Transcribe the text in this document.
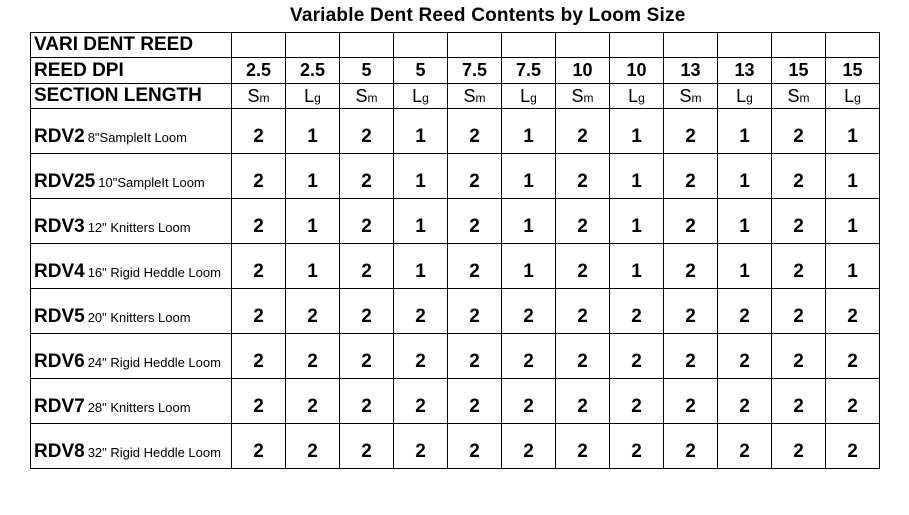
Variable Dent Reed Contents by Loom Size
VARI DENT REED												
REED DPI	2.5	2.5	5	5	7.5	7.5	10	10	13	13	15	15
SECTION LENGTH	Sm	Lg	Sm	Lg	Sm	Lg	Sm	Lg	Sm	Lg	Sm	Lg
RDV2 8"SampleIt Loom	2	1	2	1	2	1	2	1	2	1	2	1
RDV25 10"SampleIt Loom	2	1	2	1	2	1	2	1	2	1	2	1
RDV3 12" Knitters Loom	2	1	2	1	2	1	2	1	2	1	2	1
RDV4 16" Rigid Heddle Loom	2	1	2	1	2	1	2	1	2	1	2	1
RDV5 20" Knitters Loom	2	2	2	2	2	2	2	2	2	2	2	2
RDV6 24" Rigid Heddle Loom	2	2	2	2	2	2	2	2	2	2	2	2
RDV7 28" Knitters Loom	2	2	2	2	2	2	2	2	2	2	2	2
RDV8 32" Rigid Heddle Loom	2	2	2	2	2	2	2	2	2	2	2	2
